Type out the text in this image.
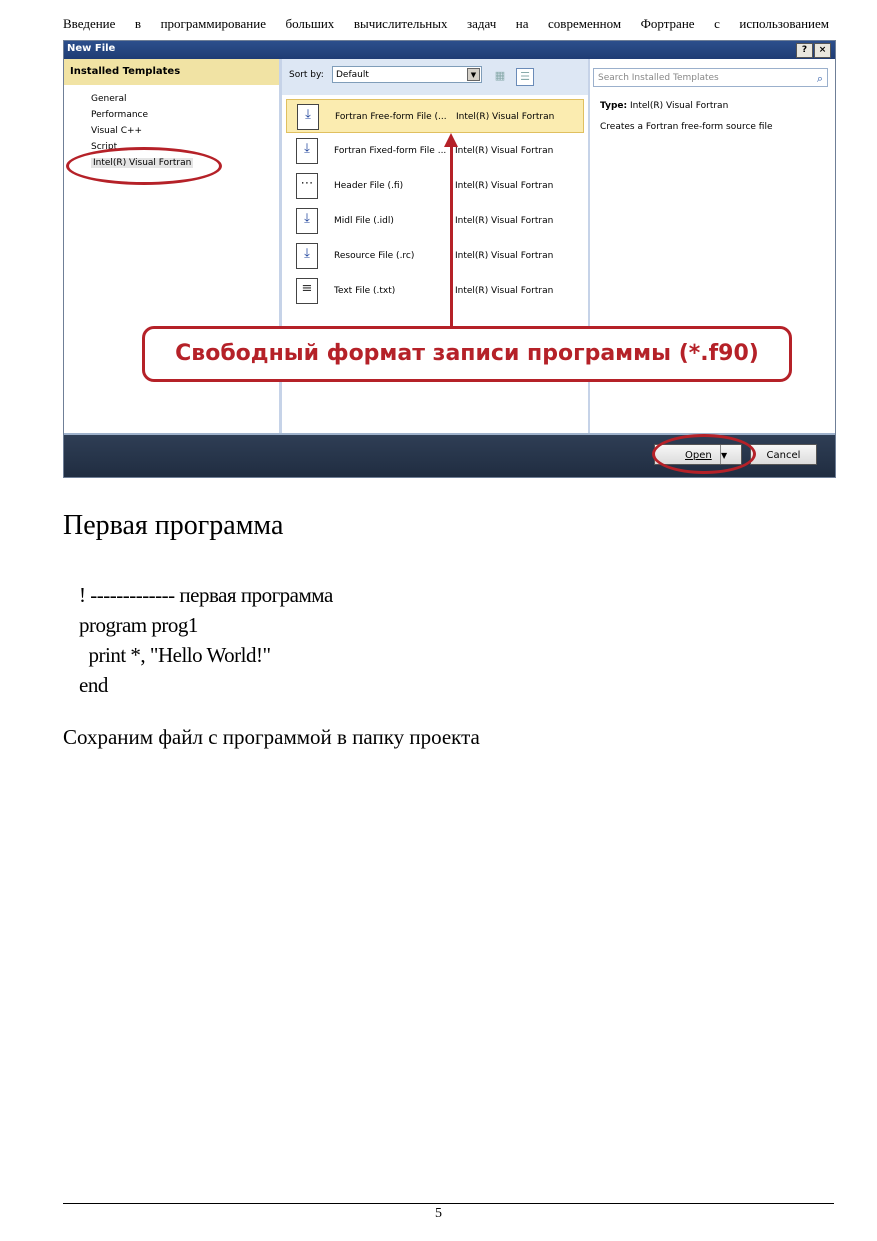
Введение в программирование больших вычислительных задач на современном Фортране с использованием
New File	?	×
Installed Templates
General
Performance
Visual C++
Script
Intel(R) Visual Fortran
Sort by:	Default	▼	▦	☰
⤓	Fortran Free-form File (... Intel(R) Visual Fortran
⤓	Fortran Fixed-form File ... Intel(R) Visual Fortran
⋯	Header File (.fi)	Intel(R) Visual Fortran
⤓	Midl File (.idl)	Intel(R) Visual Fortran
⤓	Resource File (.rc)	Intel(R) Visual Fortran
≡	Text File (.txt)	Intel(R) Visual Fortran
Search Installed Templates	⌕
Type: Intel(R) Visual Fortran
Creates a Fortran free-form source file
Open ▼	Cancel
Свободный формат записи программы (*.f90)
Первая программа
! ------------- первая программа
program prog1
print *, "Hello World!"
end
Сохраним файл с программой в папку проекта
5
